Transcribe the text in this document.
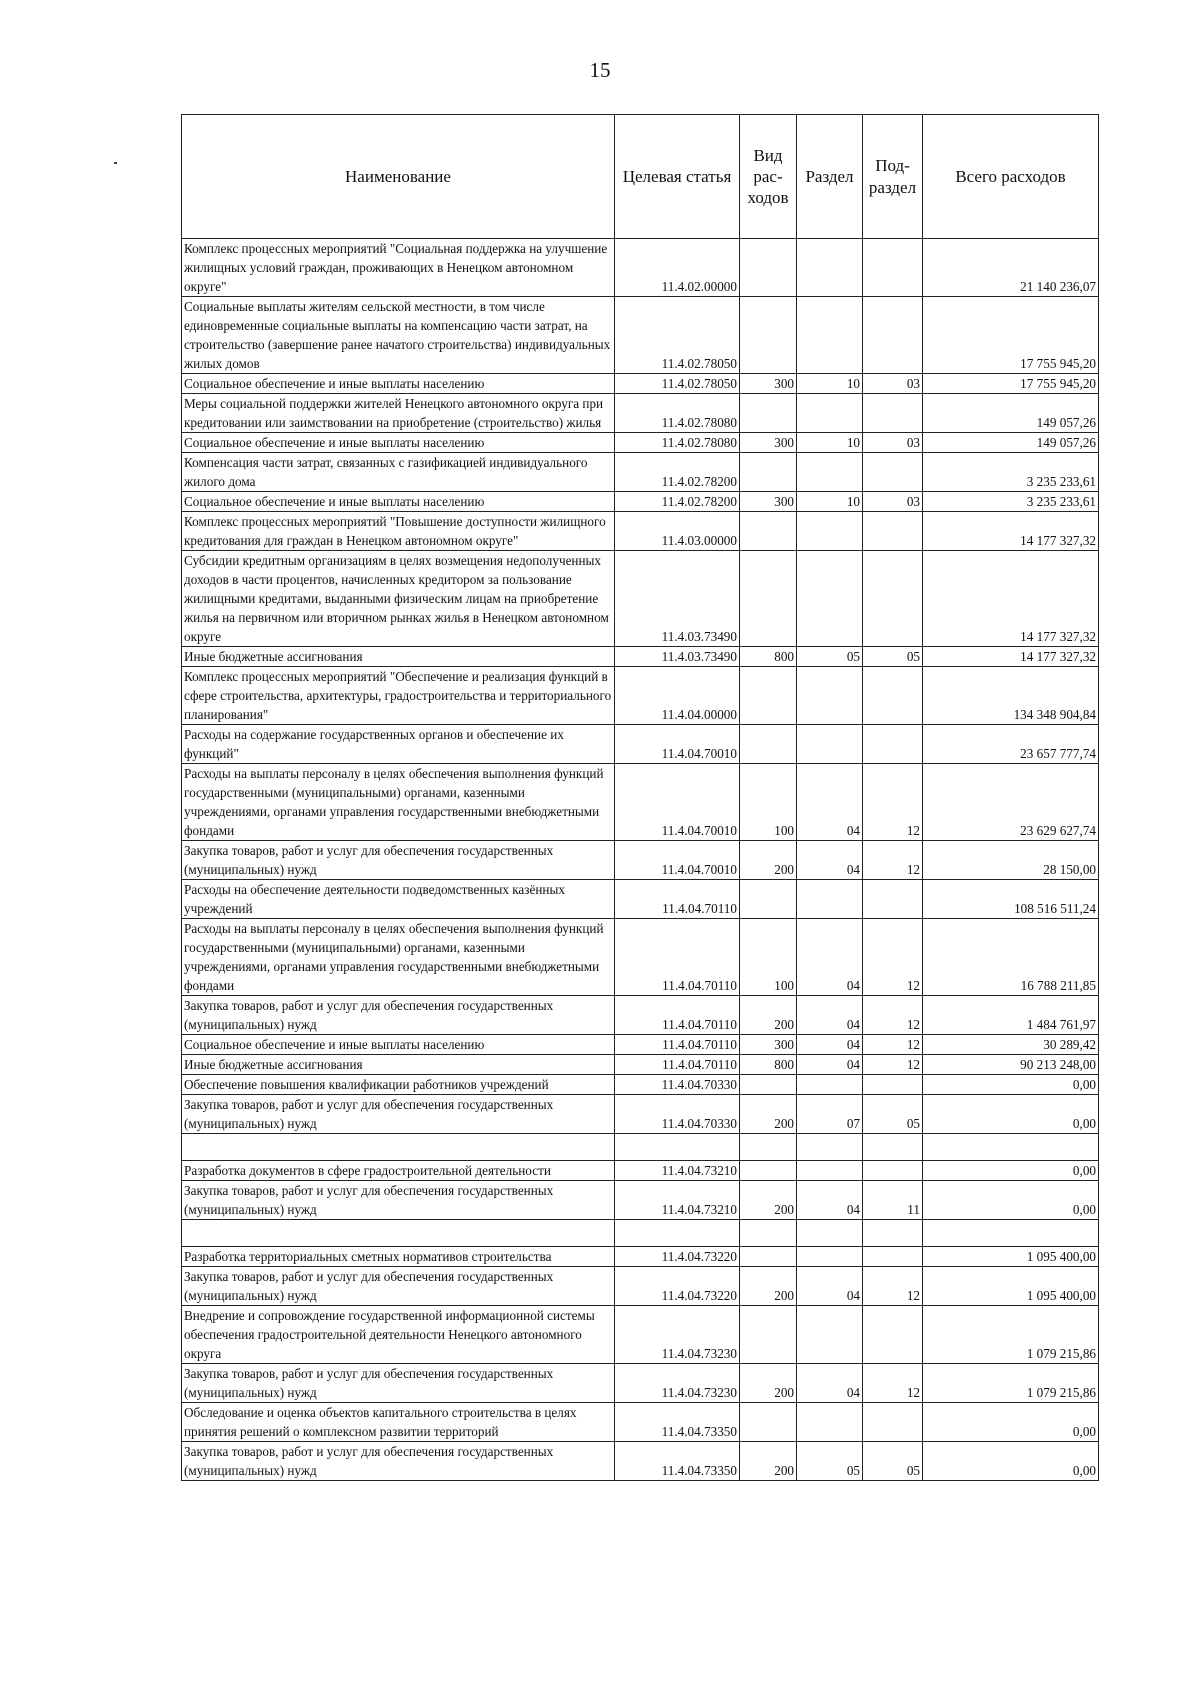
15
Наименование	Целевая статья	Вид рас-ходов	Раздел	Под-раздел	Всего расходов
Комплекс процессных мероприятий "Социальная поддержка на улучшение жилищных условий граждан, проживающих в Ненецком автономном округе"	11.4.02.00000				21 140 236,07
Социальные выплаты жителям сельской местности, в том числе единовременные социальные выплаты на компенсацию части затрат, на строительство (завершение ранее начатого строительства) индивидуальных жилых домов	11.4.02.78050				17 755 945,20
Социальное обеспечение и иные выплаты населению	11.4.02.78050	300	10	03	17 755 945,20
Меры социальной поддержки жителей Ненецкого автономного округа при кредитовании или заимствовании на приобретение (строительство) жилья	11.4.02.78080				149 057,26
Социальное обеспечение и иные выплаты населению	11.4.02.78080	300	10	03	149 057,26
Компенсация части затрат, связанных с газификацией индивидуального жилого дома	11.4.02.78200				3 235 233,61
Социальное обеспечение и иные выплаты населению	11.4.02.78200	300	10	03	3 235 233,61
Комплекс процессных мероприятий "Повышение доступности жилищного кредитования для граждан в Ненецком автономном округе"	11.4.03.00000				14 177 327,32
Субсидии кредитным организациям в целях возмещения недополученных доходов в части процентов, начисленных кредитором за пользование жилищными кредитами, выданными физическим лицам на приобретение жилья на первичном или вторичном рынках жилья в Ненецком автономном округе	11.4.03.73490				14 177 327,32
Иные бюджетные ассигнования	11.4.03.73490	800	05	05	14 177 327,32
Комплекс процессных мероприятий "Обеспечение и реализация функций в сфере строительства, архитектуры, градостроительства и территориального планирования"	11.4.04.00000				134 348 904,84
Расходы на содержание государственных органов и обеспечение их функций"	11.4.04.70010				23 657 777,74
Расходы на выплаты персоналу в целях обеспечения выполнения функций государственными (муниципальными) органами, казенными учреждениями, органами управления государственными внебюджетными фондами	11.4.04.70010	100	04	12	23 629 627,74
Закупка товаров, работ и услуг для обеспечения государственных (муниципальных) нужд	11.4.04.70010	200	04	12	28 150,00
Расходы на обеспечение деятельности подведомственных казённых учреждений	11.4.04.70110				108 516 511,24
Расходы на выплаты персоналу в целях обеспечения выполнения функций государственными (муниципальными) органами, казенными учреждениями, органами управления государственными внебюджетными фондами	11.4.04.70110	100	04	12	16 788 211,85
Закупка товаров, работ и услуг для обеспечения государственных (муниципальных) нужд	11.4.04.70110	200	04	12	1 484 761,97
Социальное обеспечение и иные выплаты населению	11.4.04.70110	300	04	12	30 289,42
Иные бюджетные ассигнования	11.4.04.70110	800	04	12	90 213 248,00
Обеспечение повышения квалификации работников учреждений	11.4.04.70330				0,00
Закупка товаров, работ и услуг для обеспечения государственных (муниципальных) нужд	11.4.04.70330	200	07	05	0,00

Разработка документов в сфере градостроительной деятельности	11.4.04.73210				0,00
Закупка товаров, работ и услуг для обеспечения государственных (муниципальных) нужд	11.4.04.73210	200	04	11	0,00

Разработка территориальных сметных нормативов строительства	11.4.04.73220				1 095 400,00
Закупка товаров, работ и услуг для обеспечения государственных (муниципальных) нужд	11.4.04.73220	200	04	12	1 095 400,00
Внедрение и сопровождение государственной информационной системы обеспечения градостроительной деятельности Ненецкого автономного округа	11.4.04.73230				1 079 215,86
Закупка товаров, работ и услуг для обеспечения государственных (муниципальных) нужд	11.4.04.73230	200	04	12	1 079 215,86
Обследование и оценка объектов капитального строительства в целях принятия решений о комплексном развитии территорий	11.4.04.73350				0,00
Закупка товаров, работ и услуг для обеспечения государственных (муниципальных) нужд	11.4.04.73350	200	05	05	0,00
